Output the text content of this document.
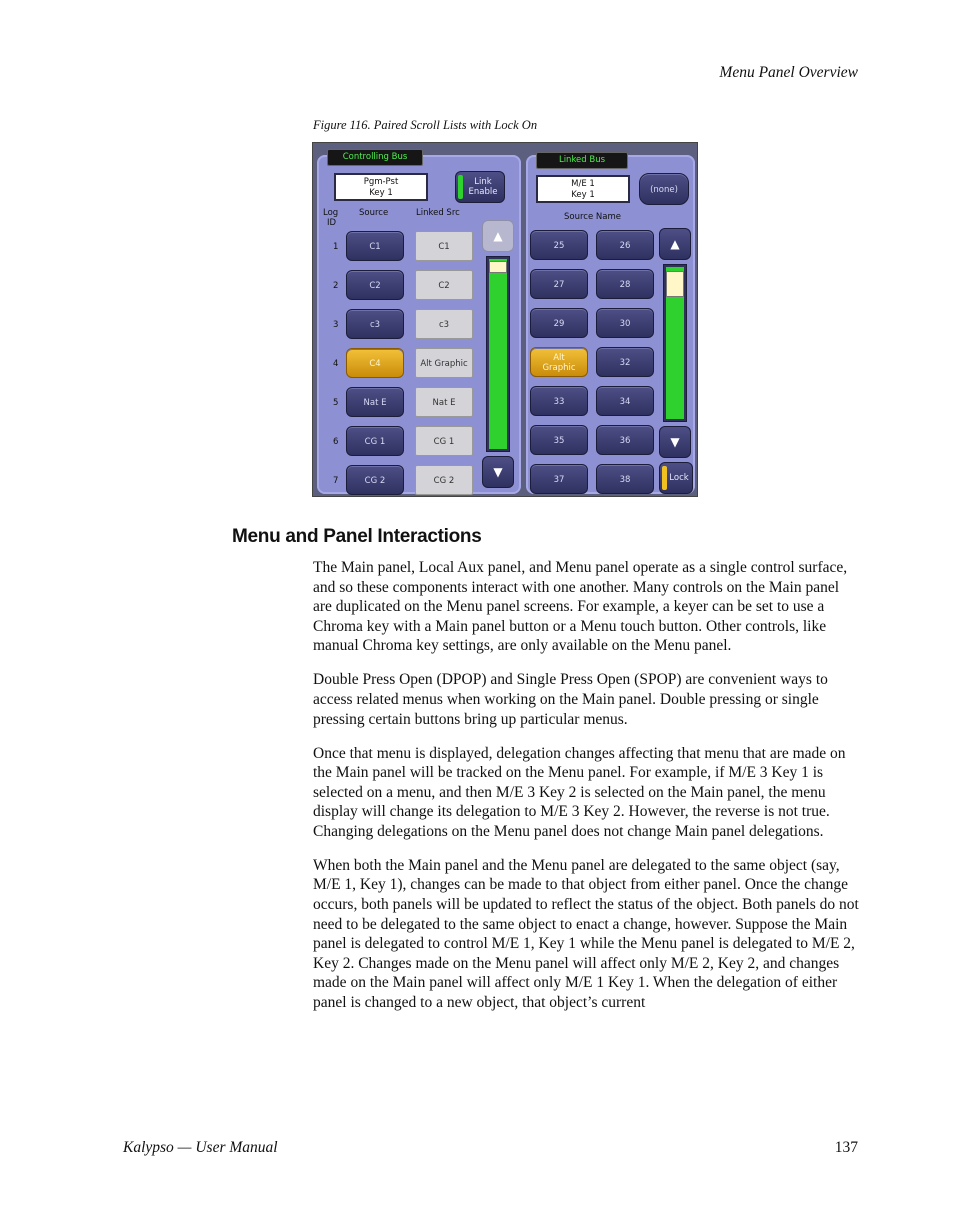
Menu Panel Overview
Figure 116. Paired Scroll Lists with Lock On
Controlling Bus
Pgm-Pst
Key 1
Link
Enable
Log
ID
Source	Linked Src
1	C1	C1
2	C2	C2
3	c3	c3
4	C4	Alt Graphic
5	Nat E	Nat E
6	CG 1	CG 1
7	CG 2	CG 2
▲
▼
Linked Bus
M/E 1
Key 1	(none)
Source Name
25	26
27	28
29	30
Alt
Graphic	32
33	34
35	36
37	38
▲
▼
Lock
Menu and Panel Interactions

The Main panel, Local Aux panel, and Menu panel operate as a single control surface, and so these components interact with one another. Many controls on the Main panel are duplicated on the Menu panel screens. For example, a keyer can be set to use a Chroma key with a Main panel button or a Menu touch button. Other controls, like manual Chroma key settings, are only available on the Menu panel.

Double Press Open (DPOP) and Single Press Open (SPOP) are convenient ways to access related menus when working on the Main panel. Double pressing or single pressing certain buttons bring up particular menus.

Once that menu is displayed, delegation changes affecting that menu that are made on the Main panel will be tracked on the Menu panel. For example, if M/E 3 Key 1 is selected on a menu, and then M/E 3 Key 2 is selected on the Main panel, the menu display will change its delegation to M/E 3 Key 2. However, the reverse is not true. Changing delegations on the Menu panel does not change Main panel delegations.

When both the Main panel and the Menu panel are delegated to the same object (say, M/E 1, Key 1), changes can be made to that object from either panel. Once the change occurs, both panels will be updated to reflect the status of the object. Both panels do not need to be delegated to the same object to enact a change, however. Suppose the Main panel is delegated to control M/E 1, Key 1 while the Menu panel is delegated to M/E 2, Key 2. Changes made on the Menu panel will affect only M/E 2, Key 2, and changes made on the Main panel will affect only M/E 1 Key 1. When the delegation of either panel is changed to a new object, that object’s current

Kalypso — User Manual	137
